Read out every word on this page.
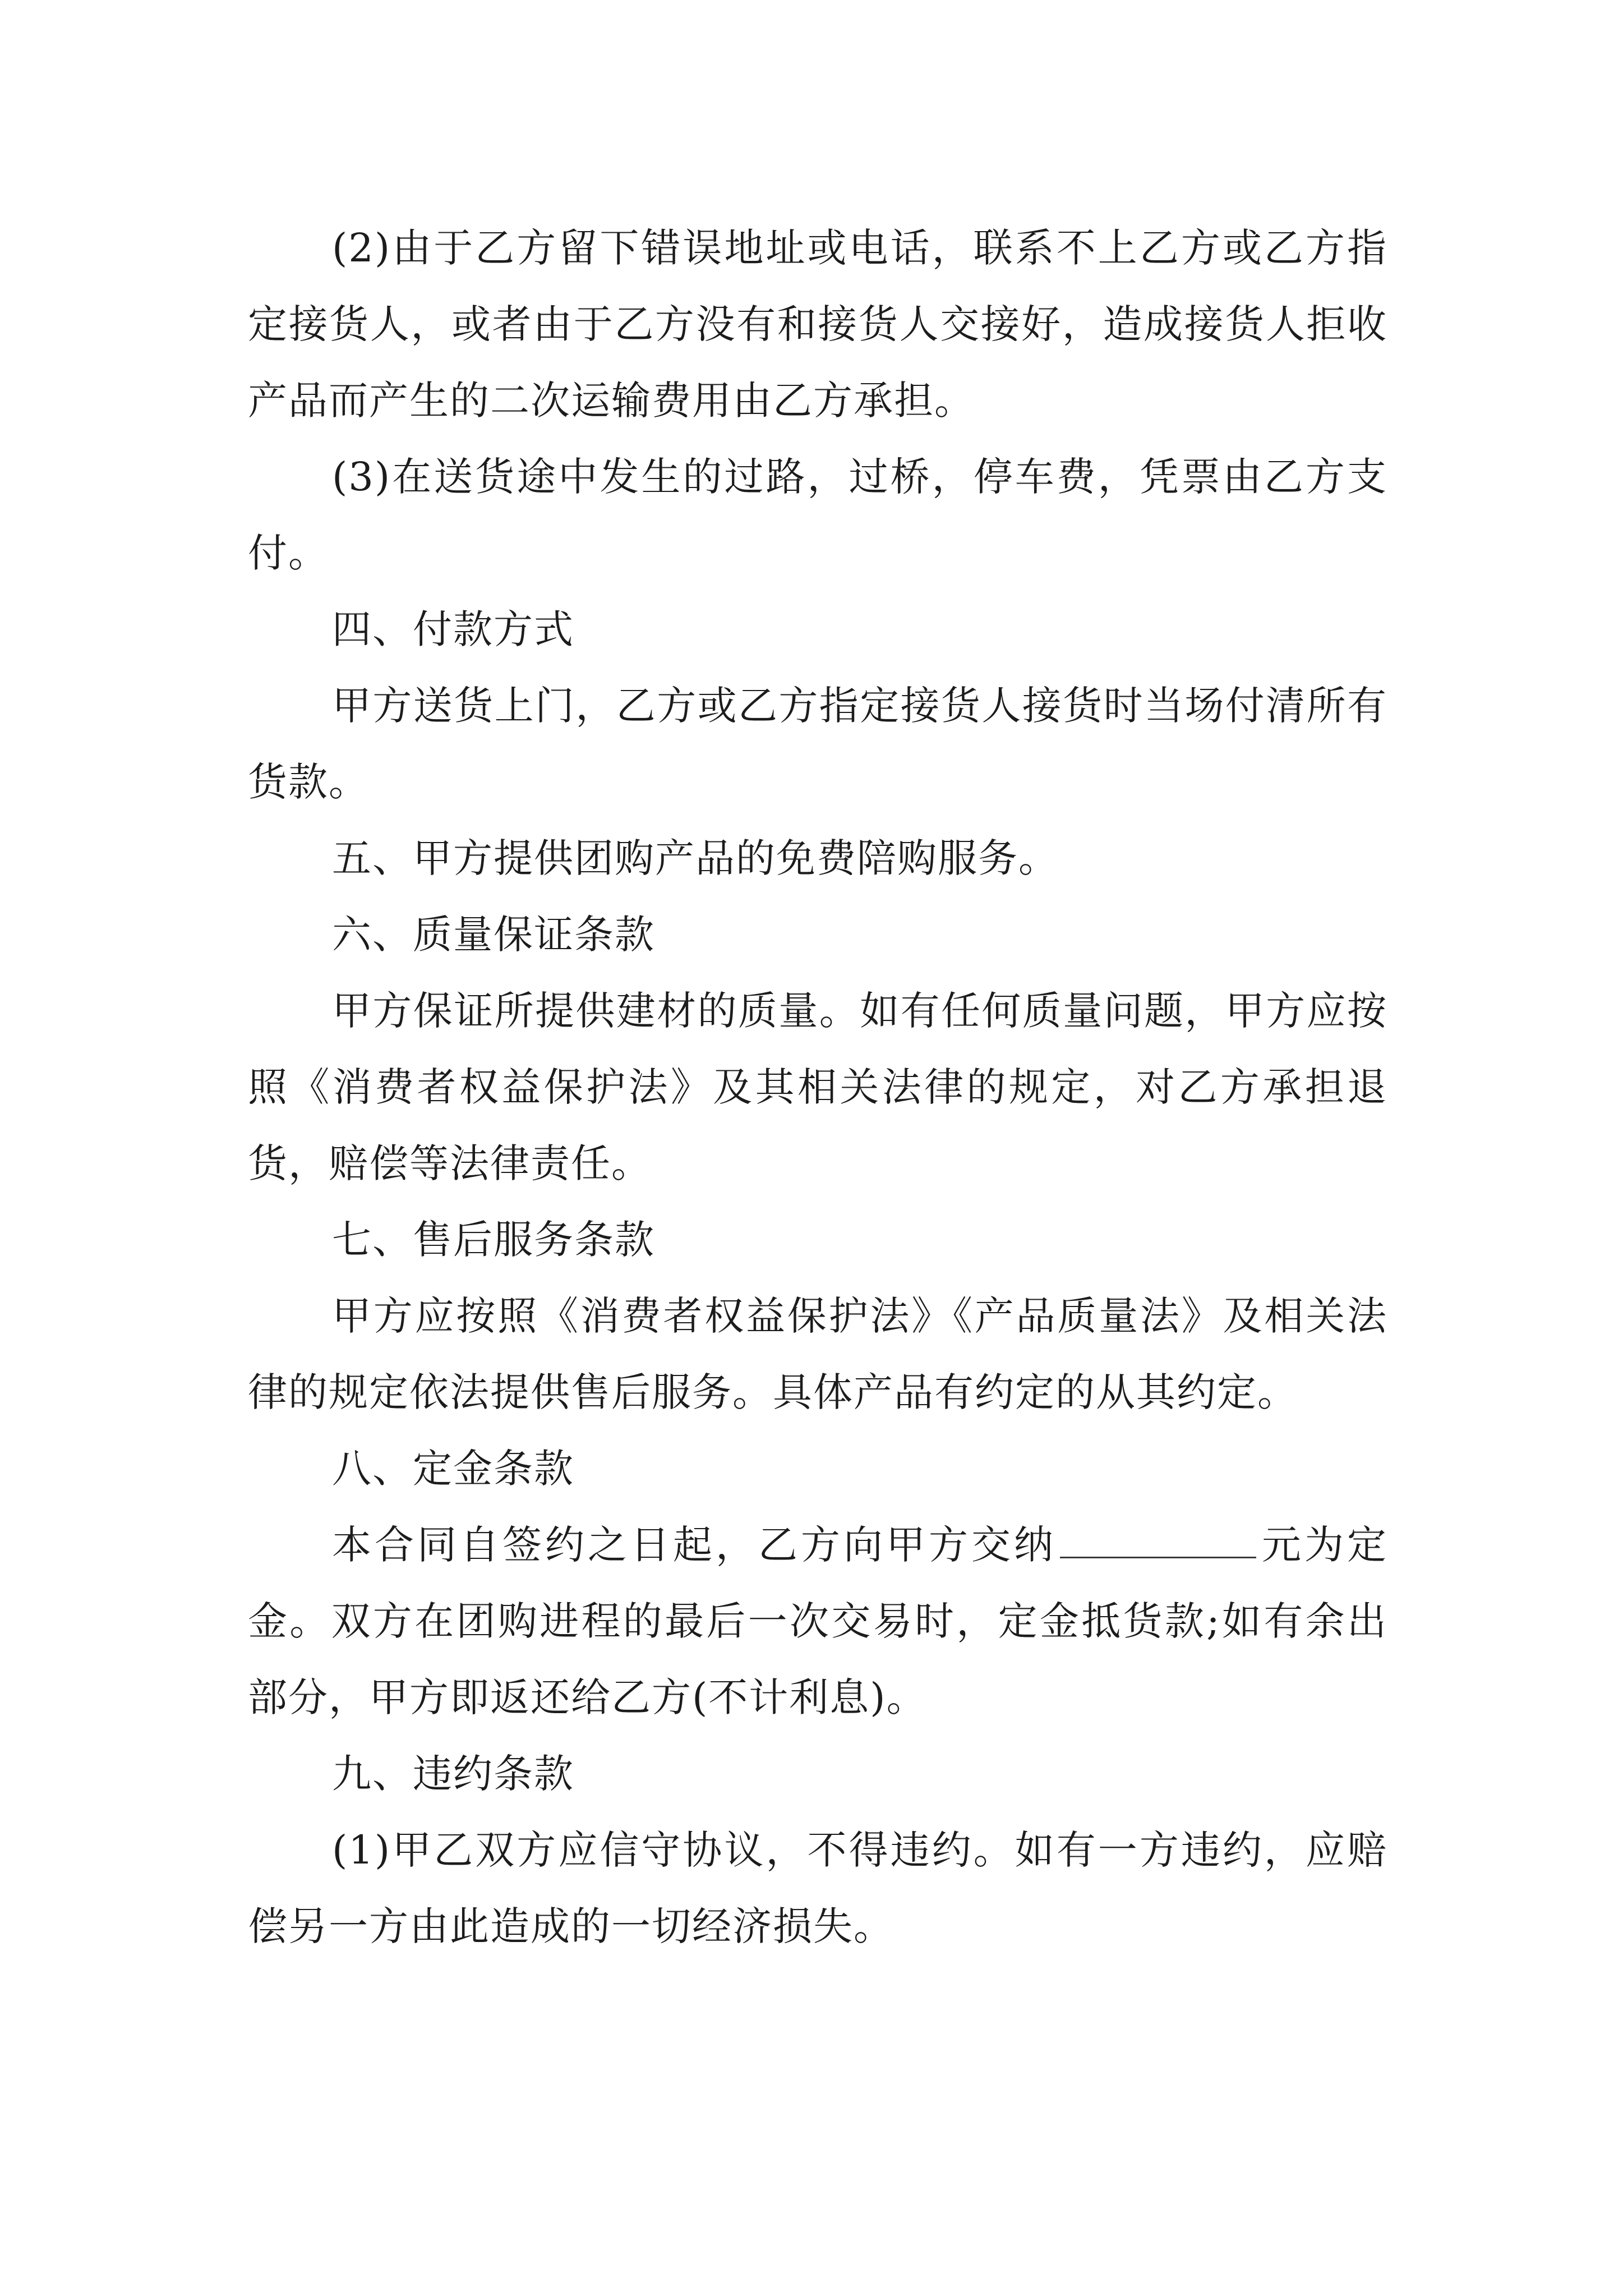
(2)由于乙方留下错误地址或电话，联系不上乙方或乙方指定接货人，或者由于乙方没有和接货人交接好，造成接货人拒收产品而产生的二次运输费用由乙方承担。

(3)在送货途中发生的过路，过桥，停车费，凭票由乙方支付。

四、付款方式

甲方送货上门，乙方或乙方指定接货人接货时当场付清所有货款。

五、甲方提供团购产品的免费陪购服务。

六、质量保证条款

甲方保证所提供建材的质量。如有任何质量问题，甲方应按照《消费者权益保护法》及其相关法律的规定，对乙方承担退货，赔偿等法律责任。

七、售后服务条款

甲方应按照《消费者权益保护法》《产品质量法》及相关法律的规定依法提供售后服务。具体产品有约定的从其约定。

八、定金条款

本合同自签约之日起，乙方向甲方交纳	元为定金。双方在团购进程的最后一次交易时，定金抵货款;如有余出部分，甲方即返还给乙方(不计利息)。

九、违约条款

(1)甲乙双方应信守协议，不得违约。如有一方违约，应赔偿另一方由此造成的一切经济损失。
